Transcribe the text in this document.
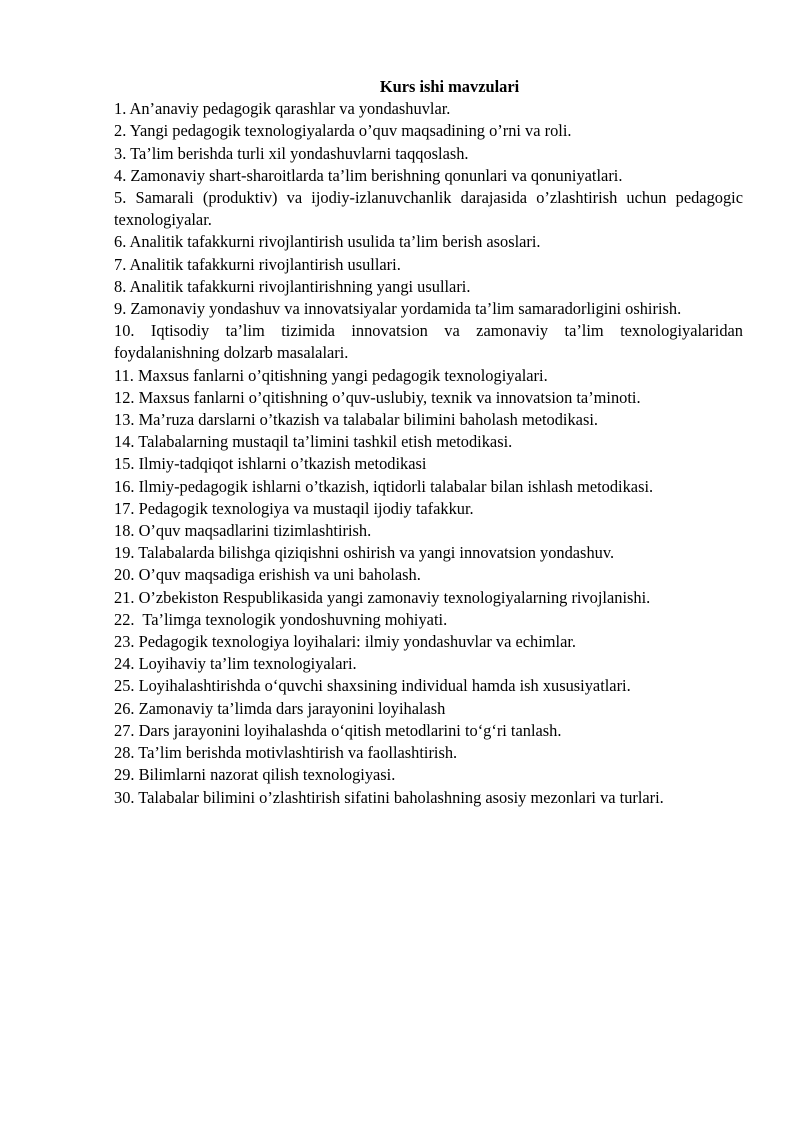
Kurs ishi mavzulari

1. An’anaviy pedagogik qarashlar va yondashuvlar.
2. Yangi pedagogik texnologiyalarda o’quv maqsadining o’rni va roli.
3. Ta’lim berishda turli xil yondashuvlarni taqqoslash.
4. Zamonaviy shart-sharoitlarda ta’lim berishning qonunlari va qonuniyatlari.
5. Samarali (produktiv) va ijodiy-izlanuvchanlik darajasida o’zlashtirish uchun pedagogic texnologiyalar.
6. Analitik tafakkurni rivojlantirish usulida ta’lim berish asoslari.
7. Analitik tafakkurni rivojlantirish usullari.
8. Analitik tafakkurni rivojlantirishning yangi usullari.
9. Zamonaviy yondashuv va innovatsiyalar yordamida ta’lim samaradorligini oshirish.
10. Iqtisodiy ta’lim tizimida innovatsion va zamonaviy ta’lim texnologiyalaridan foydalanishning dolzarb masalalari.
11. Maxsus fanlarni o’qitishning yangi pedagogik texnologiyalari.
12. Maxsus fanlarni o’qitishning o’quv-uslubiy, texnik va innovatsion ta’minoti.
13. Ma’ruza darslarni o’tkazish va talabalar bilimini baholash metodikasi.
14. Talabalarning mustaqil ta’limini tashkil etish metodikasi.
15. Ilmiy-tadqiqot ishlarni o’tkazish metodikasi
16. Ilmiy-pedagogik ishlarni o’tkazish, iqtidorli talabalar bilan ishlash metodikasi.
17. Pedagogik texnologiya va mustaqil ijodiy tafakkur.
18. O’quv maqsadlarini tizimlashtirish.
19. Talabalarda bilishga qiziqishni oshirish va yangi innovatsion yondashuv.
20. O’quv maqsadiga erishish va uni baholash.
21. O’zbekiston Respublikasida yangi zamonaviy texnologiyalarning rivojlanishi.
22.  Ta’limga texnologik yondoshuvning mohiyati.
23. Pedagogik texnologiya loyihalari: ilmiy yondashuvlar va echimlar.
24. Loyihaviy ta’lim texnologiyalari.
25. Loyihalashtirishda o‘quvchi shaxsining individual hamda ish xususiyatlari.
26. Zamonaviy ta’limda dars jarayonini loyihalash
27. Dars jarayonini loyihalashda o‘qitish metodlarini to‘g‘ri tanlash.
28. Ta’lim berishda motivlashtirish va faollashtirish.
29. Bilimlarni nazorat qilish texnologiyasi.
30. Talabalar bilimini o’zlashtirish sifatini baholashning asosiy mezonlari va turlari.
